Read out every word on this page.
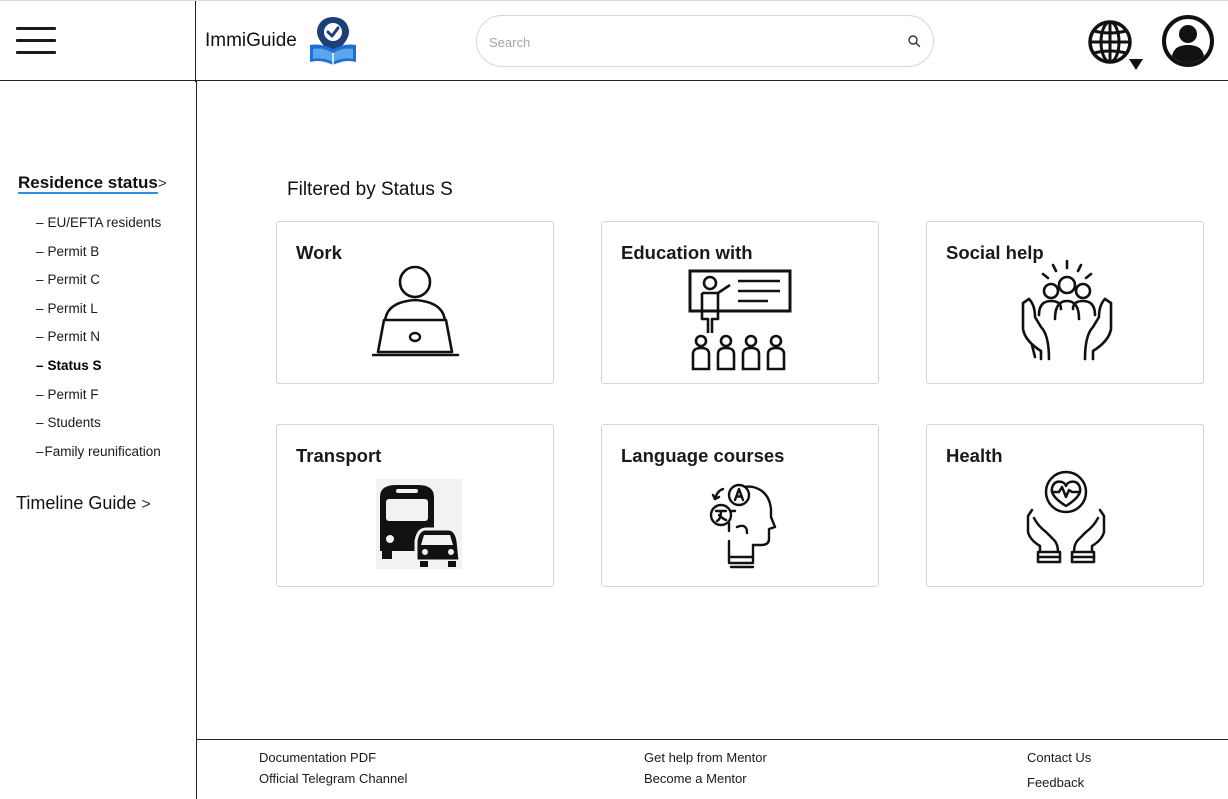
ImmiGuide
Search
Residence status>
– EU/EFTA residents
– Permit B
– Permit C
– Permit L
– Permit N
– Status S
– Permit F
– Students
–Family reunification
Timeline Guide >
Filtered by Status S
Work	Education with	Social help
Transport	Language courses	Health
Documentation PDF
Official Telegram Channel
Get help from Mentor
Become a Mentor
Contact Us
Feedback
